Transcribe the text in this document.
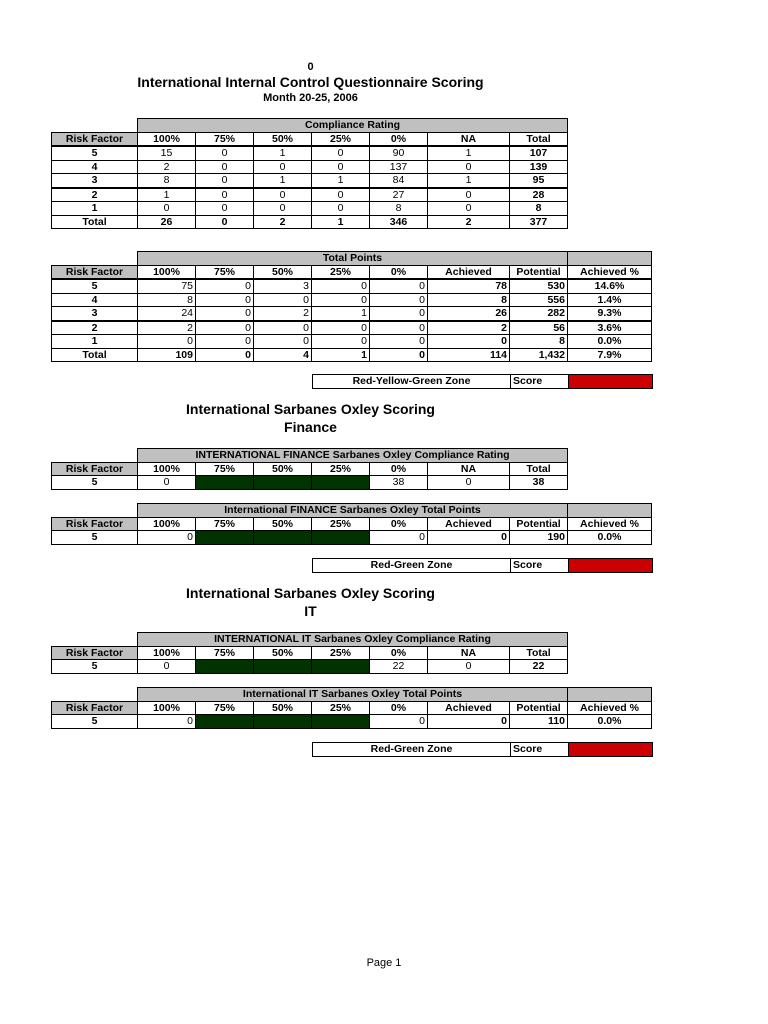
0
International Internal Control Questionnaire Scoring
Month 20-25, 2006
	Compliance Rating						
Risk Factor	100%	75%	50%	25%	0%	NA	Total
5	15	0	1	0	90	1	107
4	2	0	0	0	137	0	139
3	8	0	1	1	84	1	95
2	1	0	0	0	27	0	28
1	0	0	0	0	8	0	8
Total	26	0	2	1	346	2	377
	Total Points							
Risk Factor	100%	75%	50%	25%	0%	Achieved	Potential	Achieved %
5	75	0	3	0	0	78	530	14.6%
4	8	0	0	0	0	8	556	1.4%
3	24	0	2	1	0	26	282	9.3%
2	2	0	0	0	0	2	56	3.6%
1	0	0	0	0	0	0	8	0.0%
Total	109	0	4	1	0	114	1,432	7.9%
Red-Yellow-Green Zone	Score	7.9%
International Sarbanes Oxley Scoring
Finance
	INTERNATIONAL FINANCE Sarbanes Oxley Compliance Rating						
Risk Factor	100%	75%	50%	25%	0%	NA	Total
5	0	0	0	0	38	0	38
	International FINANCE Sarbanes Oxley Total Points							
Risk Factor	100%	75%	50%	25%	0%	Achieved	Potential	Achieved %
5	0	0	0	0	0	0	190	0.0%
Red-Green Zone	Score	0.0%
International Sarbanes Oxley Scoring
IT
	INTERNATIONAL IT Sarbanes Oxley Compliance Rating						
Risk Factor	100%	75%	50%	25%	0%	NA	Total
5	0				22	0	22
	International IT Sarbanes Oxley Total Points							
Risk Factor	100%	75%	50%	25%	0%	Achieved	Potential	Achieved %
5	0				0	0	110	0.0%
Red-Green Zone	Score	0.0%
Page 1
